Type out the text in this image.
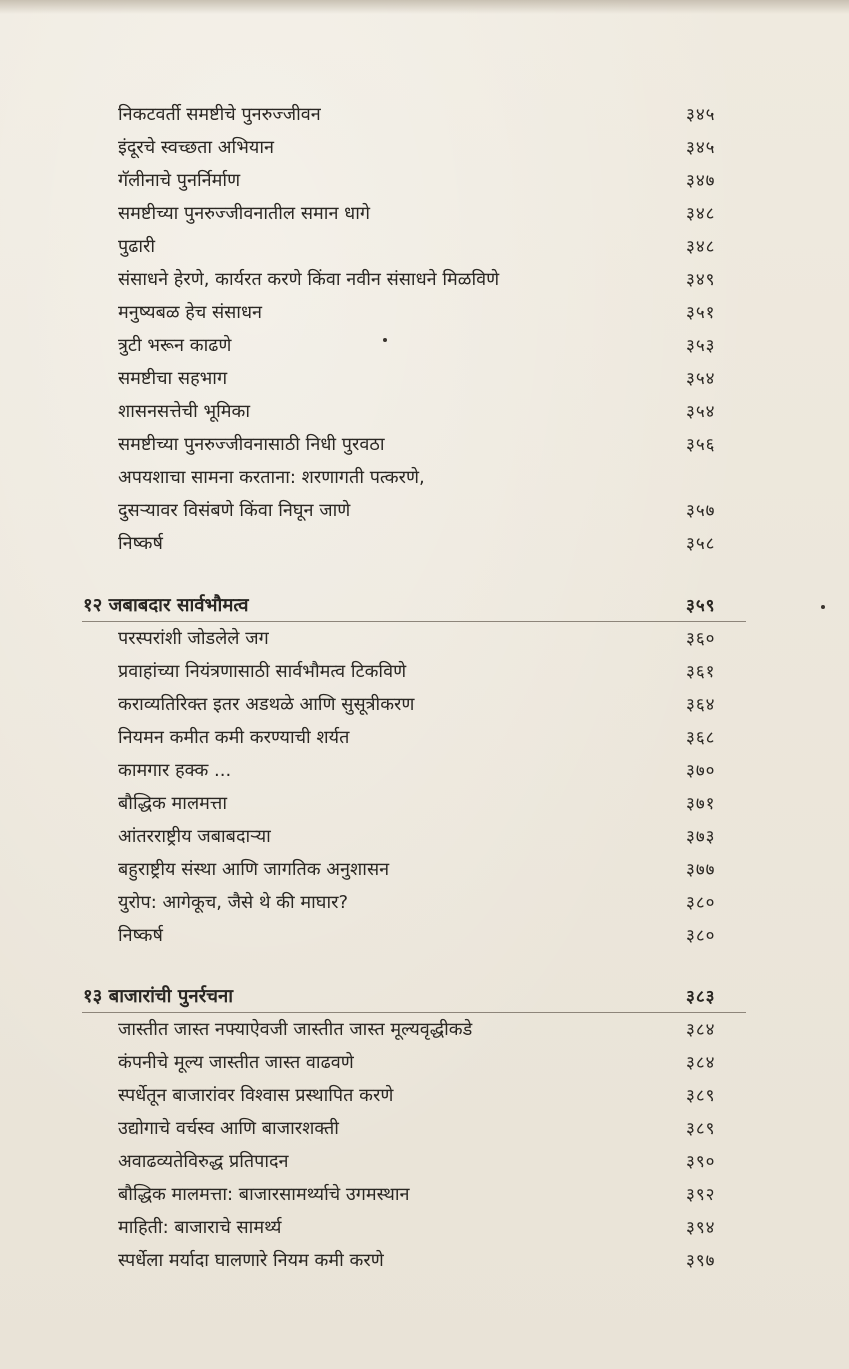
निकटवर्ती समष्टीचे पुनरुज्जीवन	३४५
इंदूरचे स्वच्छता अभियान	३४५
गॅलीनाचे पुनर्निर्माण	३४७
समष्टीच्या पुनरुज्जीवनातील समान धागे	३४८
पुढारी	३४८
संसाधने हेरणे, कार्यरत करणे किंवा नवीन संसाधने मिळविणे	३४९
मनुष्यबळ हेच संसाधन	३५१
त्रुटी भरून काढणे	३५३
समष्टीचा सहभाग	३५४
शासनसत्तेची भूमिका	३५४
समष्टीच्या पुनरुज्जीवनासाठी निधी पुरवठा	३५६
अपयशाचा सामना करताना: शरणागती पत्करणे,
दुसऱ्यावर विसंबणे किंवा निघून जाणे	३५७
निष्कर्ष	३५८
१२ जबाबदार सार्वभौमत्व	३५९
परस्परांशी जोडलेले जग	३६०
प्रवाहांच्या नियंत्रणासाठी सार्वभौमत्व टिकविणे	३६१
कराव्यतिरिक्त इतर अडथळे आणि सुसूत्रीकरण	३६४
नियमन कमीत कमी करण्याची शर्यत	३६८
कामगार हक्क ...	३७०
बौद्धिक मालमत्ता	३७१
आंतरराष्ट्रीय जबाबदाऱ्या	३७३
बहुराष्ट्रीय संस्था आणि जागतिक अनुशासन	३७७
युरोप: आगेकूच, जैसे थे की माघार?	३८०
निष्कर्ष	३८०
१३ बाजारांची पुनर्रचना	३८३
जास्तीत जास्त नफ्याऐवजी जास्तीत जास्त मूल्यवृद्धीकडे	३८४
कंपनीचे मूल्य जास्तीत जास्त वाढवणे	३८४
स्पर्धेतून बाजारांवर विश्वास प्रस्थापित करणे	३८९
उद्योगाचे वर्चस्व आणि बाजारशक्ती	३८९
अवाढव्यतेविरुद्ध प्रतिपादन	३९०
बौद्धिक मालमत्ता: बाजारसामर्थ्याचे उगमस्थान	३९२
माहिती: बाजाराचे सामर्थ्य	३९४
स्पर्धेला मर्यादा घालणारे नियम कमी करणे	३९७
